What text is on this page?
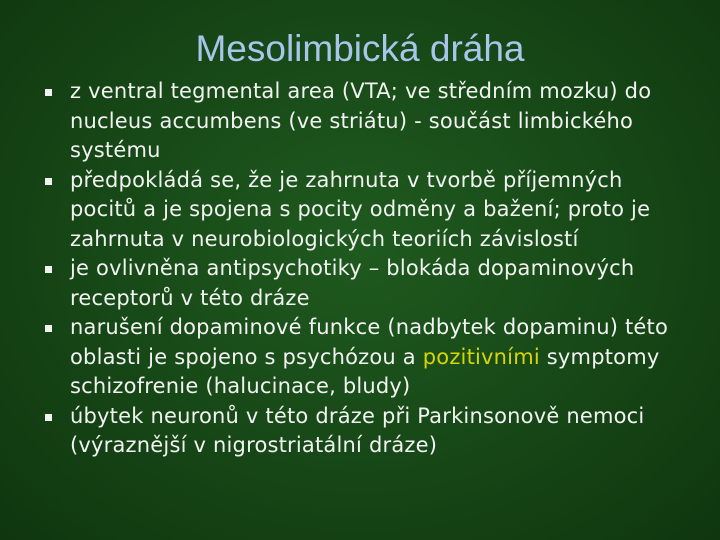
Mesolimbická dráha
z ventral tegmental area (VTA; ve středním mozku) do nucleus accumbens (ve striátu) - součást limbického systému
předpokládá se, že je zahrnuta v tvorbě příjemných pocitů a je spojena s pocity odměny a bažení; proto je zahrnuta v neurobiologických teoriích závislostí
je ovlivněna antipsychotiky – blokáda dopaminových receptorů v této dráze
narušení dopaminové funkce (nadbytek dopaminu) této oblasti je spojeno s psychózou a pozitivními symptomy schizofrenie (halucinace, bludy)
úbytek neuronů v této dráze při Parkinsonově nemoci (výraznější v nigrostriatální dráze)
